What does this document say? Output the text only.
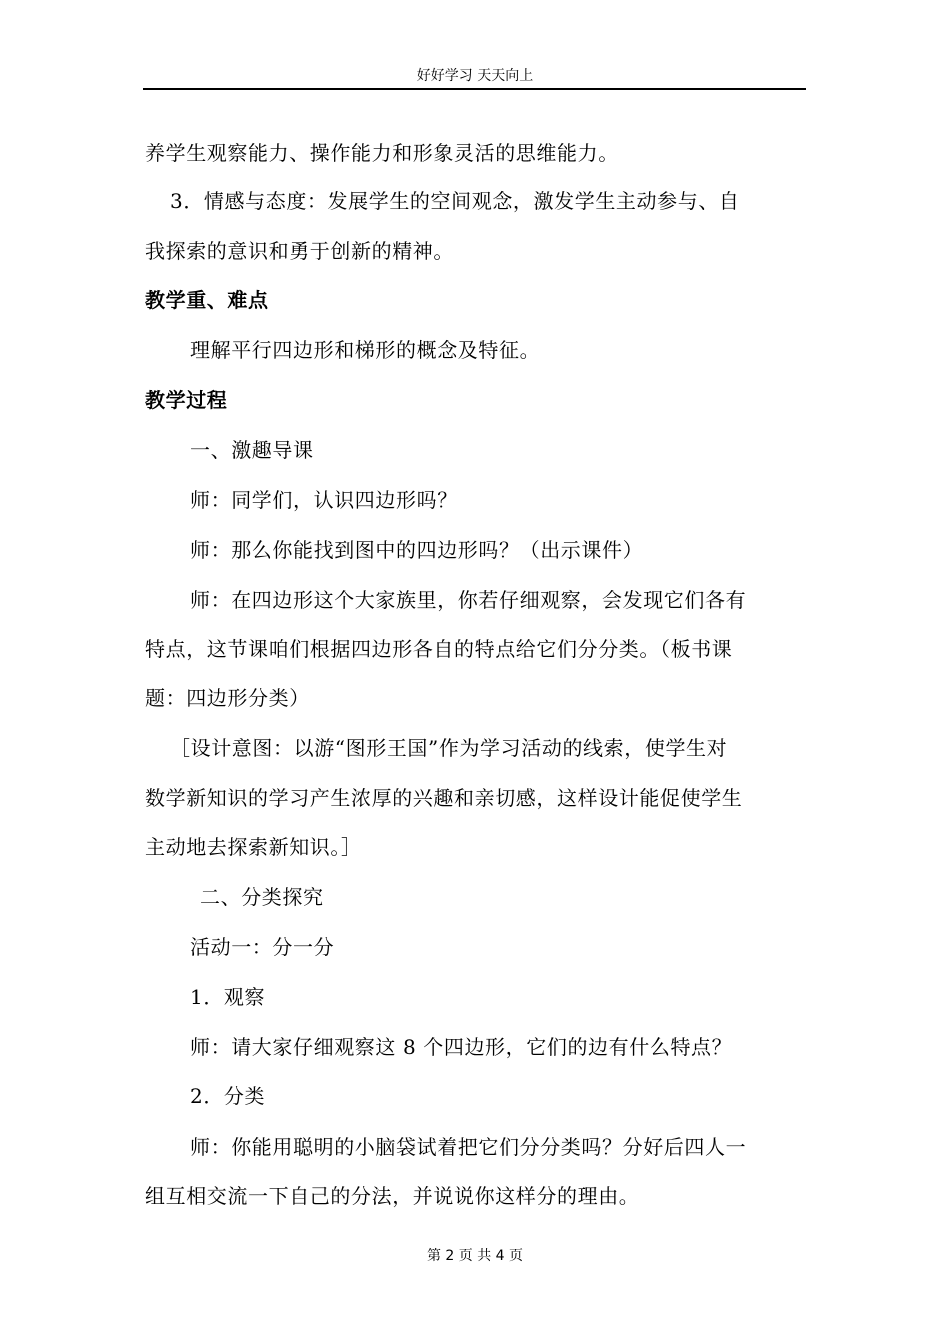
好好学习 天天向上
养学生观察能力、操作能力和形象灵活的思维能力。
3．情感与态度：发展学生的空间观念，激发学生主动参与、自
我探索的意识和勇于创新的精神。
教学重、难点
理解平行四边形和梯形的概念及特征。
教学过程
一、激趣导课
师：同学们，认识四边形吗？
师：那么你能找到图中的四边形吗？（出示课件）
师：在四边形这个大家族里，你若仔细观察，会发现它们各有
特点，这节课咱们根据四边形各自的特点给它们分分类。（板书课
题：四边形分类）
［设计意图：以游“图形王国”作为学习活动的线索，使学生对
数学新知识的学习产生浓厚的兴趣和亲切感，这样设计能促使学生
主动地去探索新知识。］
二、分类探究
活动一：分一分
1．观察
师：请大家仔细观察这 8 个四边形，它们的边有什么特点？
2．分类
师：你能用聪明的小脑袋试着把它们分分类吗？分好后四人一
组互相交流一下自己的分法，并说说你这样分的理由。
第 2 页 共 4 页
